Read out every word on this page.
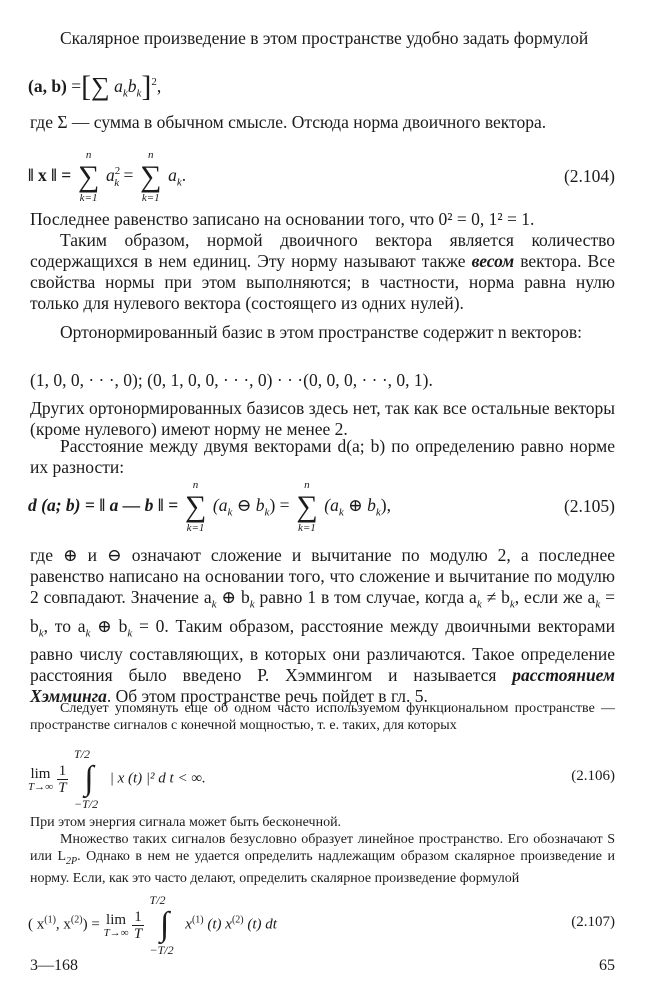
Скалярное произведение в этом пространстве удобно задать формулой

(a, b) =[∑ $a_kb_k]^2$,

где Σ — сумма в обычном смысле. Отсюда норма двоичного вектора.

‖ x ‖ =
n
∑
k=1
$a^2_k$ =
n
∑
k=1
$a_k$.	(2.104)

Последнее равенство записано на основании того, что 0² = 0, 1² = 1.

Таким образом, нормой двоичного вектора является количество содержащихся в нем единиц. Эту норму называют также весом вектора. Все свойства нормы при этом выполняются; в частности, норма равна нулю только для нулевого вектора (состоящего из одних нулей).

Ортонормированный базис в этом пространстве содержит n векторов:

(1, 0, 0, · · ·, 0); (0, 1, 0, 0, · · ·, 0) · · ·(0, 0, 0, · · ·, 0, 1).

Других ортонормированных базисов здесь нет, так как все остальные векторы (кроме нулевого) имеют норму не менее 2.

Расстояние между двумя векторами d(a; b) по определению равно норме их разности:

d (a; b) = ‖ a — b ‖ =
n
∑
k=1
($a_k$ ⊖ $b_k$) =
n
∑
k=1
($a_k$ ⊕ $b_k$),	(2.105)

где ⊕ и ⊖ означают сложение и вычитание по модулю 2, а последнее равенство написано на основании того, что сложение и вычитание по модулю 2 совпадают. Значение $a_k$ ⊕ $b_k$ равно 1 в том случае, когда $a_k \ne b_k$, если же $a_k = b_k$, то $a_k$ ⊕ $b_k = 0$. Таким образом, расстояние между двоичными векторами равно числу составляющих, в которых они различаются. Такое определение расстояния было введено Р. Хэммингом и называется расстоянием Хэмминга. Об этом пространстве речь пойдет в гл. 5.

Следует упомянуть еще об одном часто используемом функциональном пространстве — пространстве сигналов с конечной мощностью, т. е. таких, для которых

lim
T→∞
$\frac{1}{T}$

T/2
∫
−T/2
| x (t) |² d t < ∞.	(2.106)

При этом энергия сигнала может быть бесконечной.

Множество таких сигналов безусловно образует линейное пространство. Его обозначают S или $L_{2P}$. Однако в нем не удается определить надлежащим образом скалярное произведение и норму. Если, как это часто делают, определить скалярное произведение формулой

( $x^{(1)}$, $x^{(2)}) = \lim$
T→∞
$\frac{1}{T}$

T/2
∫
−T/2
$x^{(1)}$ (t) $x^{(2)}$ (t) dt	(2.107)
3—168	65
